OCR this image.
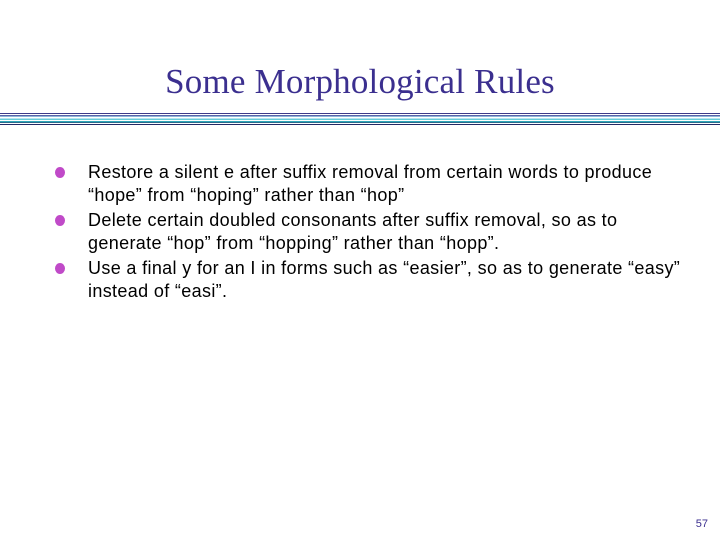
Some Morphological Rules
Restore a silent e after suffix removal from certain words to produce “hope” from “hoping” rather than “hop”
Delete certain doubled consonants after suffix removal, so as to generate “hop” from “hopping” rather than “hopp”.
Use a final y for an I in forms such as “easier”, so as to generate “easy” instead of “easi”.
57
